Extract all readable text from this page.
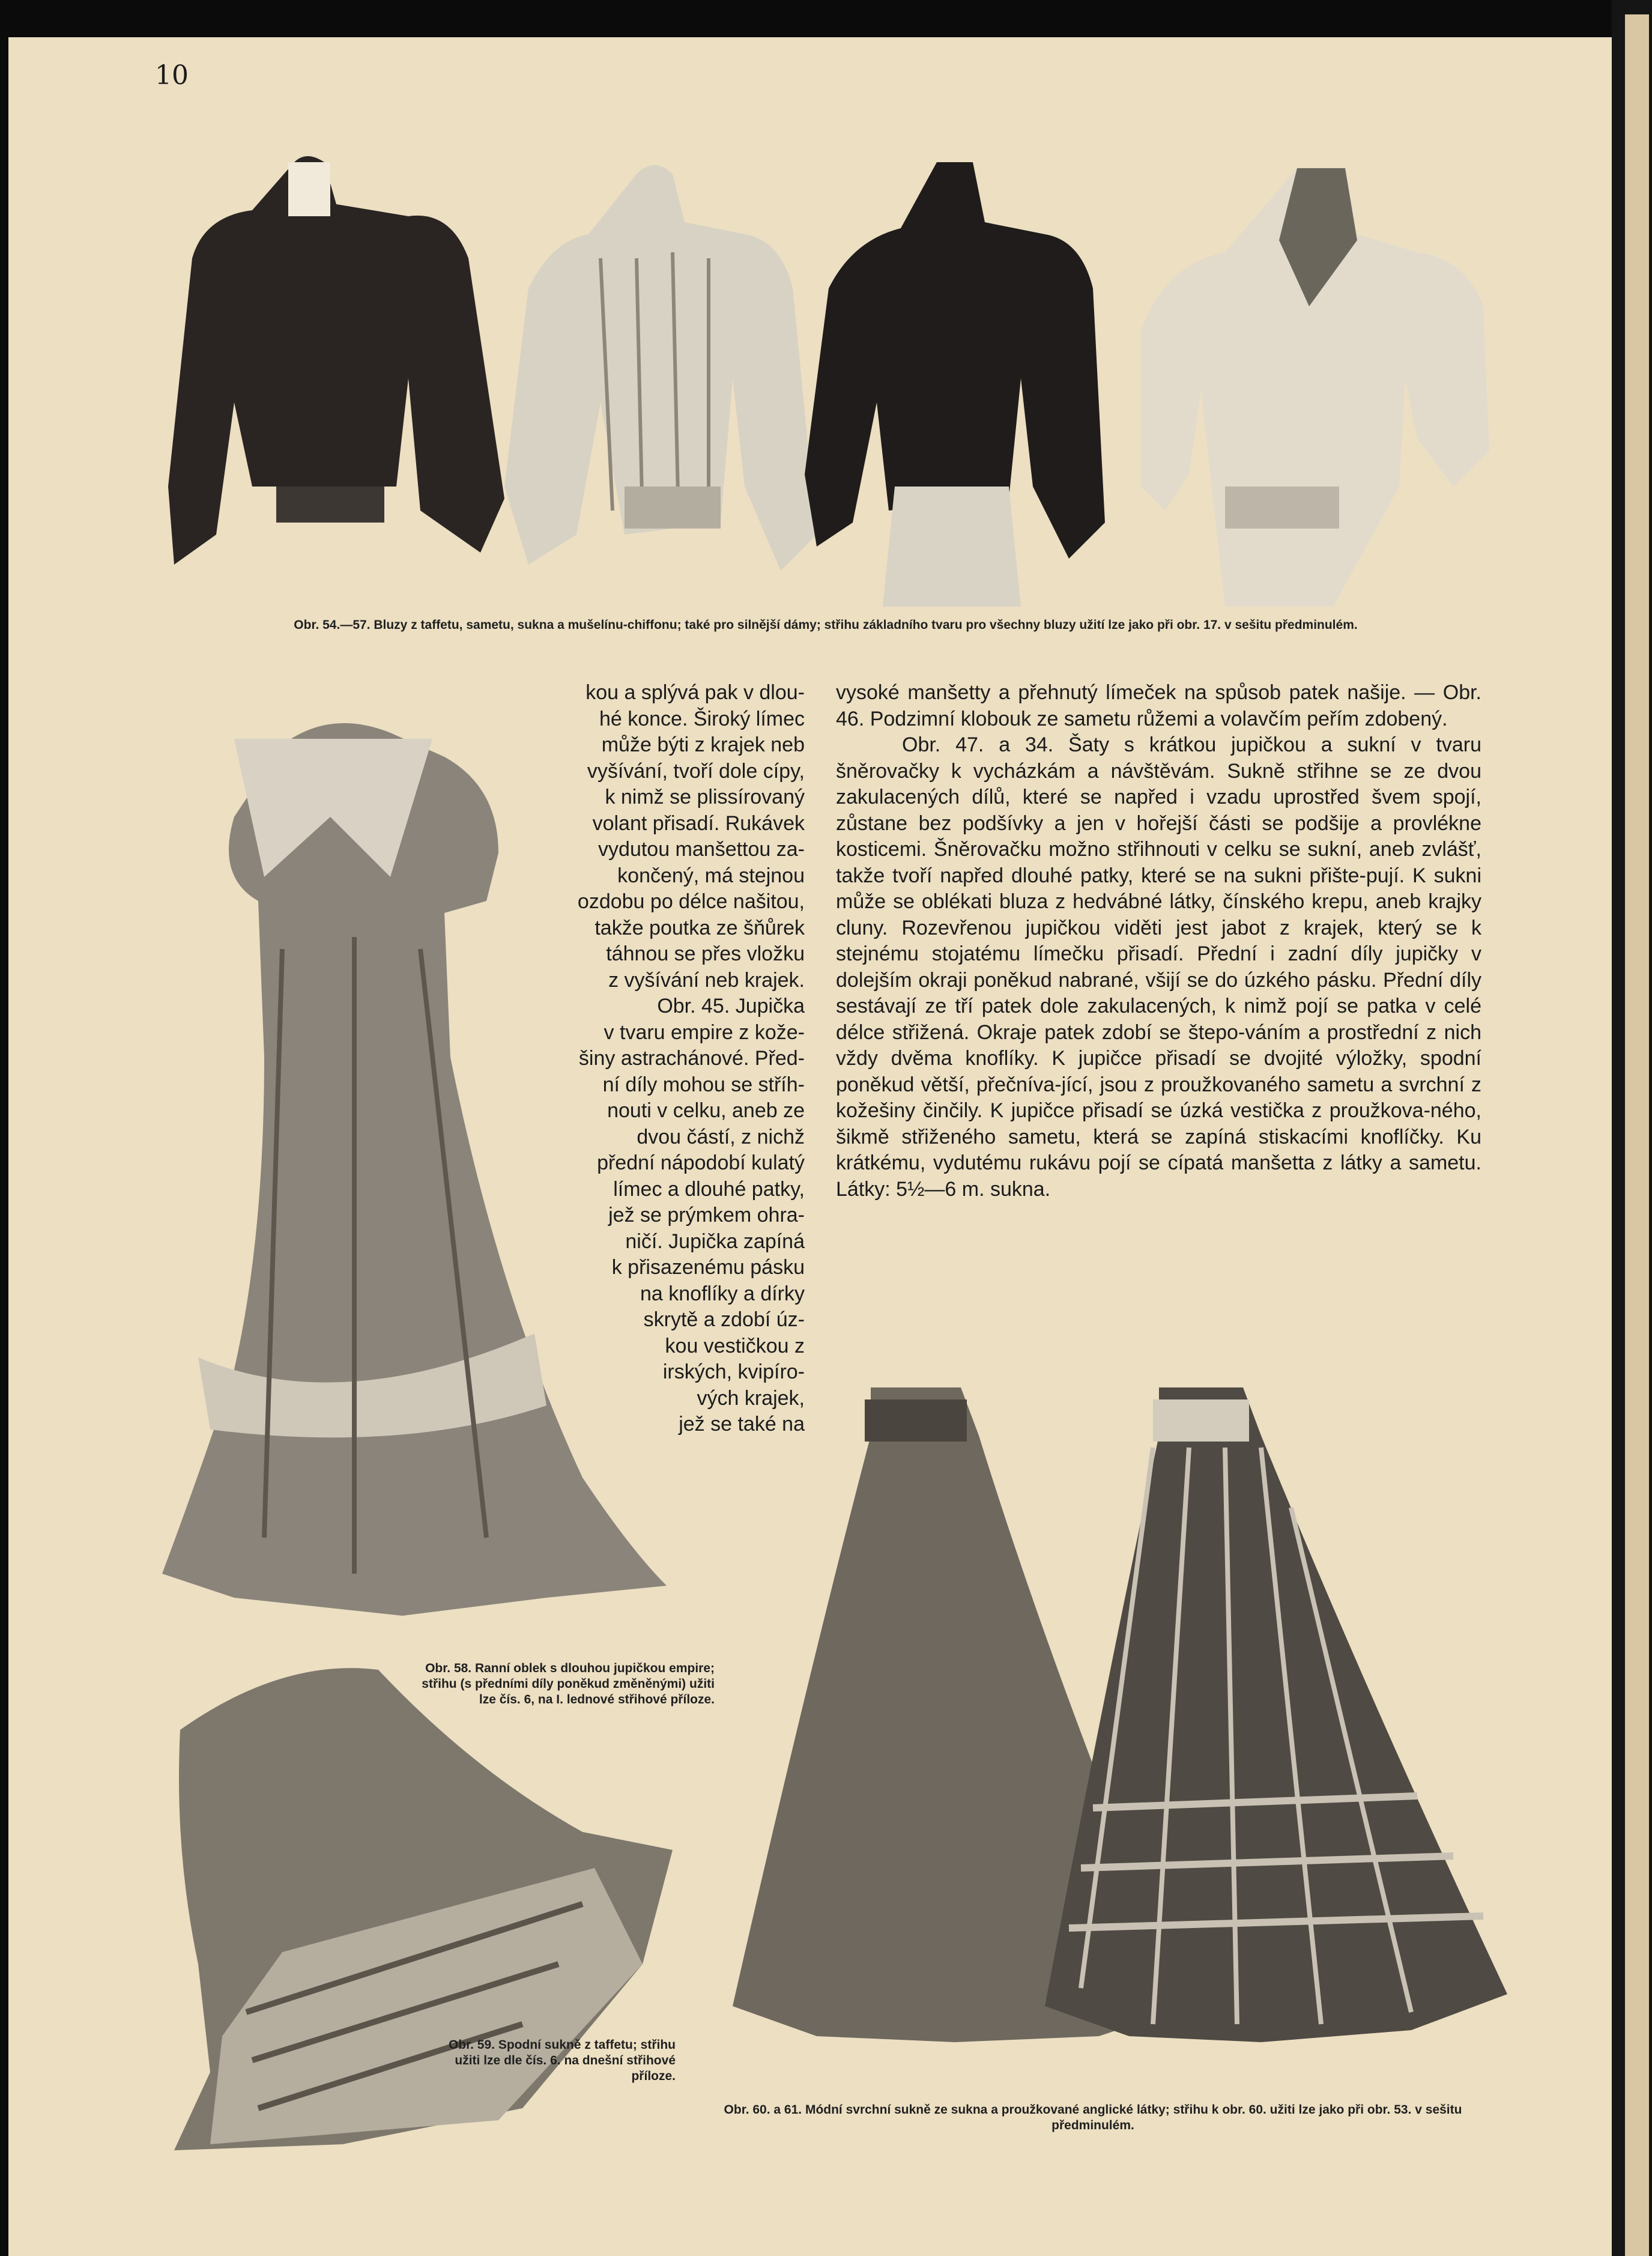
10
Obr. 54.—57. Bluzy z taffetu, sametu, sukna a mušelínu-chiffonu; také pro silnější dámy; střihu základního tvaru pro všechny bluzy užití lze jako při obr. 17. v sešitu předminulém.
kou a splývá pak v dlou-
hé konce. Široký límec
může býti z krajek neb
vyšívání, tvoří dole cípy,
k nimž se plissírovaný
volant přisadí. Rukávek
vydutou manšettou za-
končený, má stejnou
ozdobu po délce našitou,
takže poutka ze šňůrek
táhnou se přes vložku
z vyšívání neb krajek.
Obr. 45. Jupička
v tvaru empire z kože-
šiny astrachánové. Před-
ní díly mohou se stříh-
nouti v celku, aneb ze
dvou částí, z nichž
přední nápodobí kulatý
límec a dlouhé patky,
jež se prýmkem ohra-
ničí. Jupička zapíná
k přisazenému pásku
na knoflíky a dírky
skrytě a zdobí úz-
kou vestičkou z
irských, kvipíro-
vých krajek,
jež se také na

vysoké manšetty a přehnutý límeček na spůsob patek našije. — Obr. 46. Podzimní klobouk ze sametu růžemi a volavčím peřím zdobený.

Obr. 47. a 34. Šaty s krátkou jupičkou a sukní v tvaru šněrovačky k vycházkám a návštěvám. Sukně střihne se ze dvou zakulacených dílů, které se napřed i vzadu uprostřed švem spojí, zůstane bez podšívky a jen v hořejší části se podšije a provlékne kosticemi. Šněrovačku možno střihnouti v celku se sukní, aneb zvlášť, takže tvoří napřed dlouhé patky, které se na sukni přište-pují. K sukni může se oblékati bluza z hedvábné látky, čínského krepu, aneb krajky cluny. Rozevřenou jupičkou viděti jest jabot z krajek, který se k stejnému stojatému límečku přisadí. Přední i zadní díly jupičky v dolejším okraji poněkud nabrané, všijí se do úzkého pásku. Přední díly sestávají ze tří patek dole zakulacených, k nimž pojí se patka v celé délce střižená. Okraje patek zdobí se štepo-váním a prostřední z nich vždy dvěma knoflíky. K jupičce přisadí se dvojité výložky, spodní poněkud větší, přečníva-jící, jsou z proužkovaného sametu a svrchní z kožešiny činčily. K jupičce přisadí se úzká vestička z proužkova-ného, šikmě střiženého sametu, která se zapíná stiskacími knoflíčky. Ku krátkému, vydutému rukávu pojí se cípatá manšetta z látky a sametu. Látky: 5½—6 m. sukna.

Obr. 58. Ranní oblek s dlouhou jupičkou empire; střihu (s předními díly poněkud změněnými) užiti lze čís. 6, na I. lednové střihové příloze.
Obr. 59. Spodní sukně z taffetu; střihu užiti lze dle čís. 6. na dnešní střihové příloze.
Obr. 60. a 61. Módní svrchní sukně ze sukna a proužkované anglické látky; střihu k obr. 60. užiti lze jako při obr. 53. v sešitu předminulém.
